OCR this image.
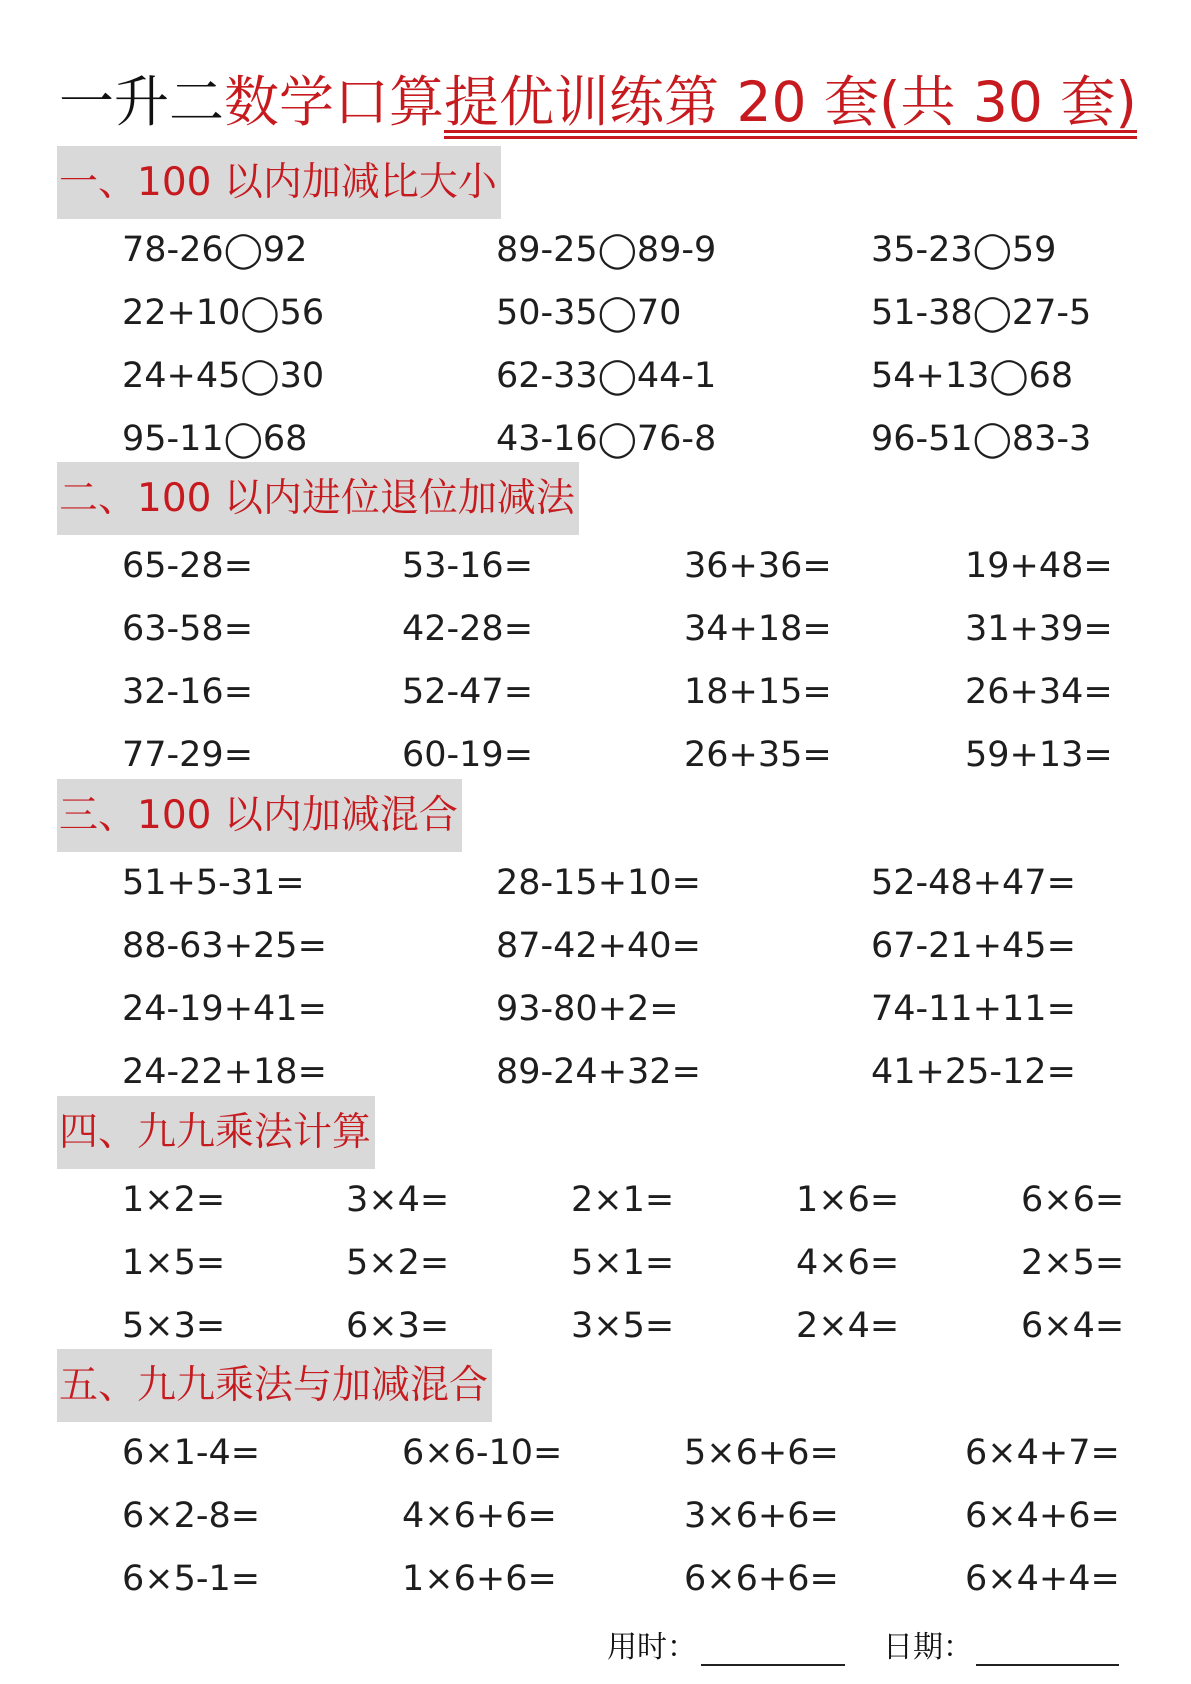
一升二数学口算提优训练第 20 套(共 30 套)
一、100 以内加减比大小
78-26◯92	89-25◯89-9	35-23◯59
22+10◯56	50-35◯70	51-38◯27-5
24+45◯30	62-33◯44-1	54+13◯68
95-11◯68	43-16◯76-8	96-51◯83-3
二、100 以内进位退位加减法
65-28=	53-16=	36+36=	19+48=
63-58=	42-28=	34+18=	31+39=
32-16=	52-47=	18+15=	26+34=
77-29=	60-19=	26+35=	59+13=
三、100 以内加减混合
51+5-31=	28-15+10=	52-48+47=
88-63+25=	87-42+40=	67-21+45=
24-19+41=	93-80+2=	74-11+11=
24-22+18=	89-24+32=	41+25-12=
四、九九乘法计算
1×2=	3×4=	2×1=	1×6=	6×6=
1×5=	5×2=	5×1=	4×6=	2×5=
5×3=	6×3=	3×5=	2×4=	6×4=
五、九九乘法与加减混合
6×1-4=	6×6-10=	5×6+6=	6×4+7=
6×2-8=	4×6+6=	3×6+6=	6×4+6=
6×5-1=	1×6+6=	6×6+6=	6×4+4=
用时：	日期：
